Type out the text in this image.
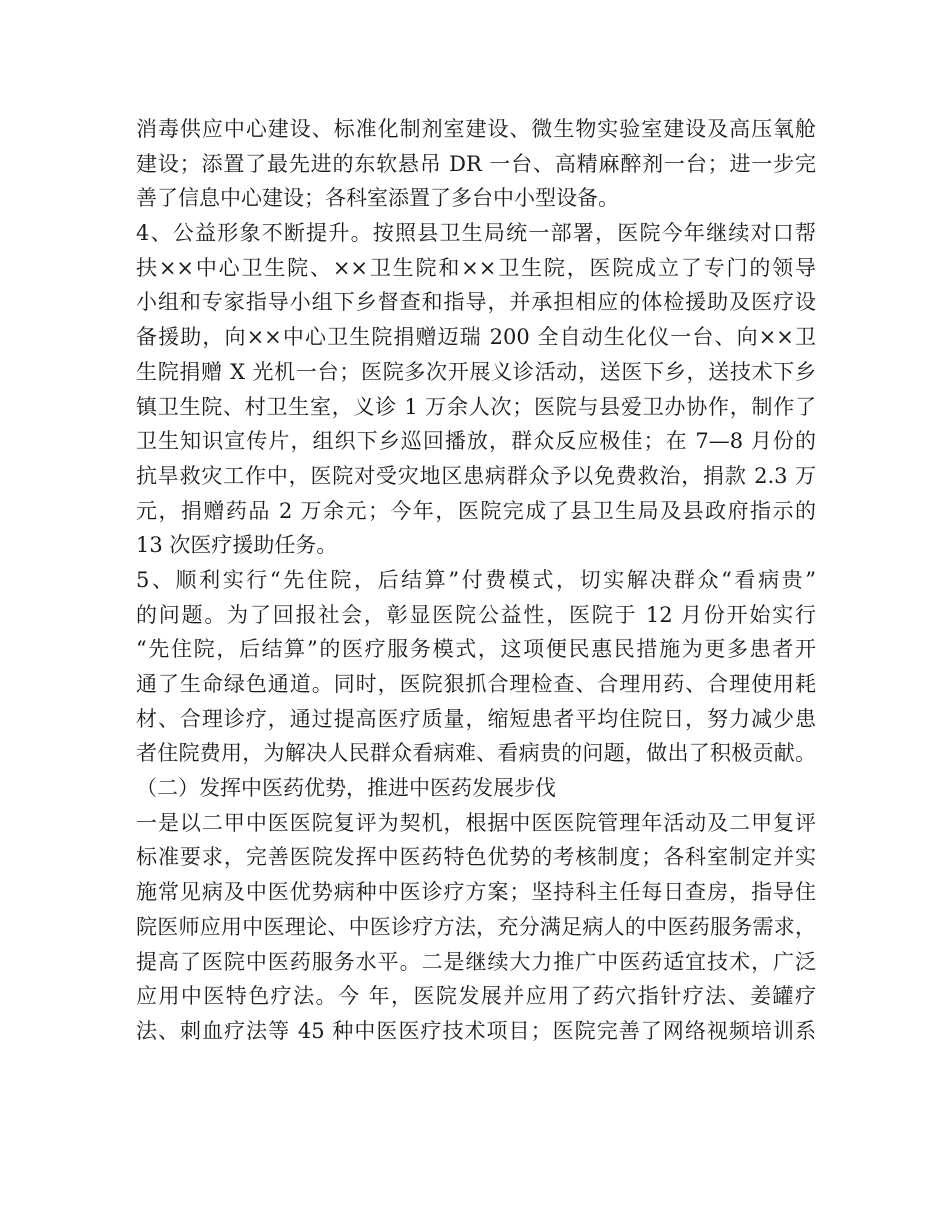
消毒供应中心建设、标准化制剂室建设、微生物实验室建设及高压氧舱
建设；添置了最先进的东软悬吊 DR 一台、高精麻醉剂一台；进一步完
善了信息中心建设；各科室添置了多台中小型设备。
4、公益形象不断提升。按照县卫生局统一部署，医院今年继续对口帮
扶××中心卫生院、××卫生院和××卫生院，医院成立了专门的领导
小组和专家指导小组下乡督查和指导，并承担相应的体检援助及医疗设
备援助，向××中心卫生院捐赠迈瑞 200 全自动生化仪一台、向××卫
生院捐赠 X 光机一台；医院多次开展义诊活动，送医下乡，送技术下乡
镇卫生院、村卫生室，义诊 1 万余人次；医院与县爱卫办协作，制作了
卫生知识宣传片，组织下乡巡回播放，群众反应极佳；在 7—8 月份的
抗旱救灾工作中，医院对受灾地区患病群众予以免费救治，捐款 2.3 万
元，捐赠药品 2 万余元；今年，医院完成了县卫生局及县政府指示的
13 次医疗援助任务。
5、顺利实行“先住院，后结算”付费模式，切实解决群众“看病贵”
的问题。为了回报社会，彰显医院公益性，医院于 12 月份开始实行
“先住院，后结算”的医疗服务模式，这项便民惠民措施为更多患者开
通了生命绿色通道。同时，医院狠抓合理检查、合理用药、合理使用耗
材、合理诊疗，通过提高医疗质量，缩短患者平均住院日，努力减少患
者住院费用，为解决人民群众看病难、看病贵的问题，做出了积极贡献。
（二）发挥中医药优势，推进中医药发展步伐
一是以二甲中医医院复评为契机，根据中医医院管理年活动及二甲复评
标准要求，完善医院发挥中医药特色优势的考核制度；各科室制定并实
施常见病及中医优势病种中医诊疗方案；坚持科主任每日查房，指导住
院医师应用中医理论、中医诊疗方法，充分满足病人的中医药服务需求，
提高了医院中医药服务水平。二是继续大力推广中医药适宜技术，广泛
应用中医特色疗法。今 年，医院发展并应用了药穴指针疗法、姜罐疗
法、刺血疗法等 45 种中医医疗技术项目；医院完善了网络视频培训系
